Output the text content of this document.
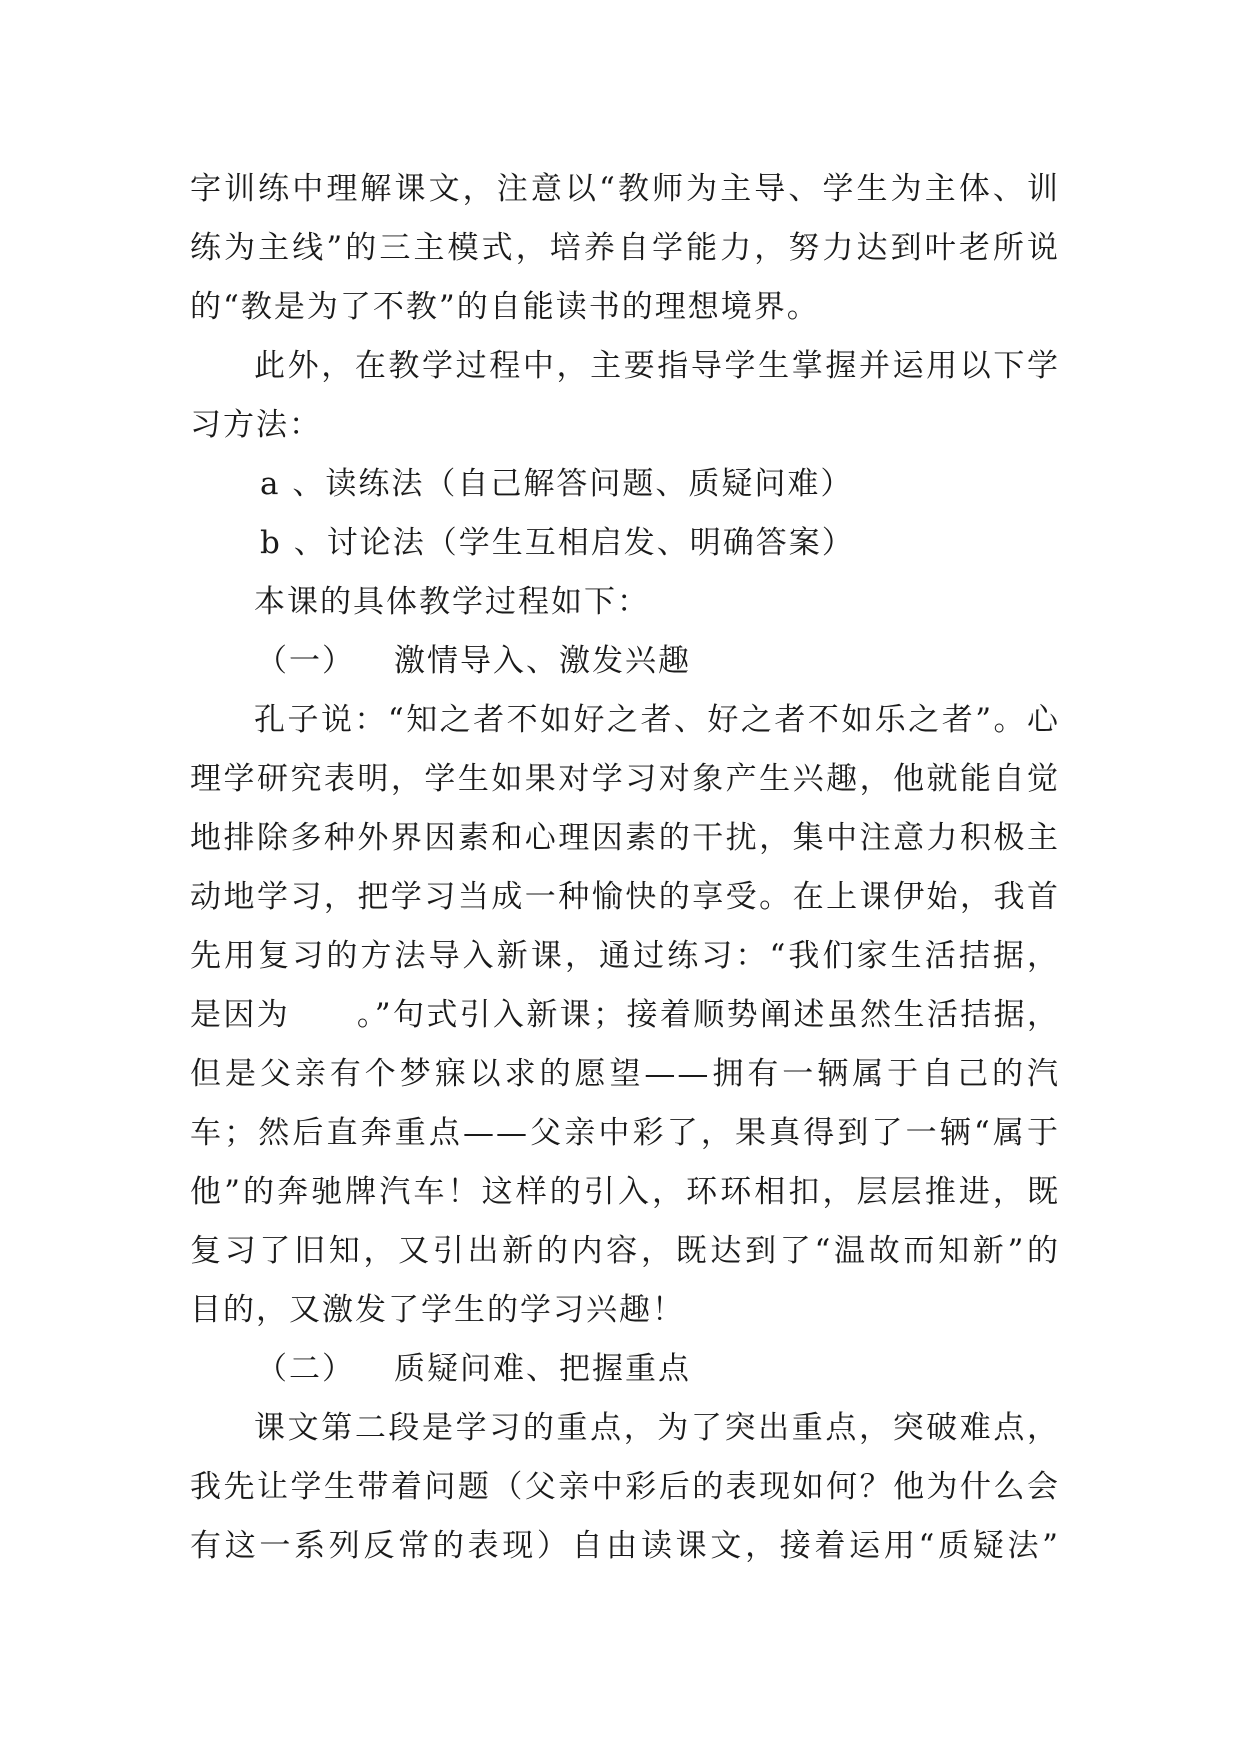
字训练中理解课文，注意以“教师为主导、学生为主体、训
练为主线”的三主模式，培养自学能力，努力达到叶老所说
的“教是为了不教”的自能读书的理想境界。
此外，在教学过程中，主要指导学生掌握并运用以下学
习方法：
a 、读练法（自己解答问题、质疑问难）
b 、讨论法（学生互相启发、明确答案）
本课的具体教学过程如下：
（一） 激情导入、激发兴趣
孔子说：“知之者不如好之者、好之者不如乐之者”。心
理学研究表明，学生如果对学习对象产生兴趣，他就能自觉
地排除多种外界因素和心理因素的干扰，集中注意力积极主
动地学习，把学习当成一种愉快的享受。在上课伊始，我首
先用复习的方法导入新课，通过练习：“我们家生活拮据，
是因为　　。”句式引入新课；接着顺势阐述虽然生活拮据，
但是父亲有个梦寐以求的愿望——拥有一辆属于自己的汽
车；然后直奔重点——父亲中彩了，果真得到了一辆“属于
他”的奔驰牌汽车！这样的引入，环环相扣，层层推进，既
复习了旧知，又引出新的内容，既达到了“温故而知新”的
目的，又激发了学生的学习兴趣！
（二） 质疑问难、把握重点
课文第二段是学习的重点，为了突出重点，突破难点，
我先让学生带着问题（父亲中彩后的表现如何？他为什么会
有这一系列反常的表现）自由读课文，接着运用“质疑法”
